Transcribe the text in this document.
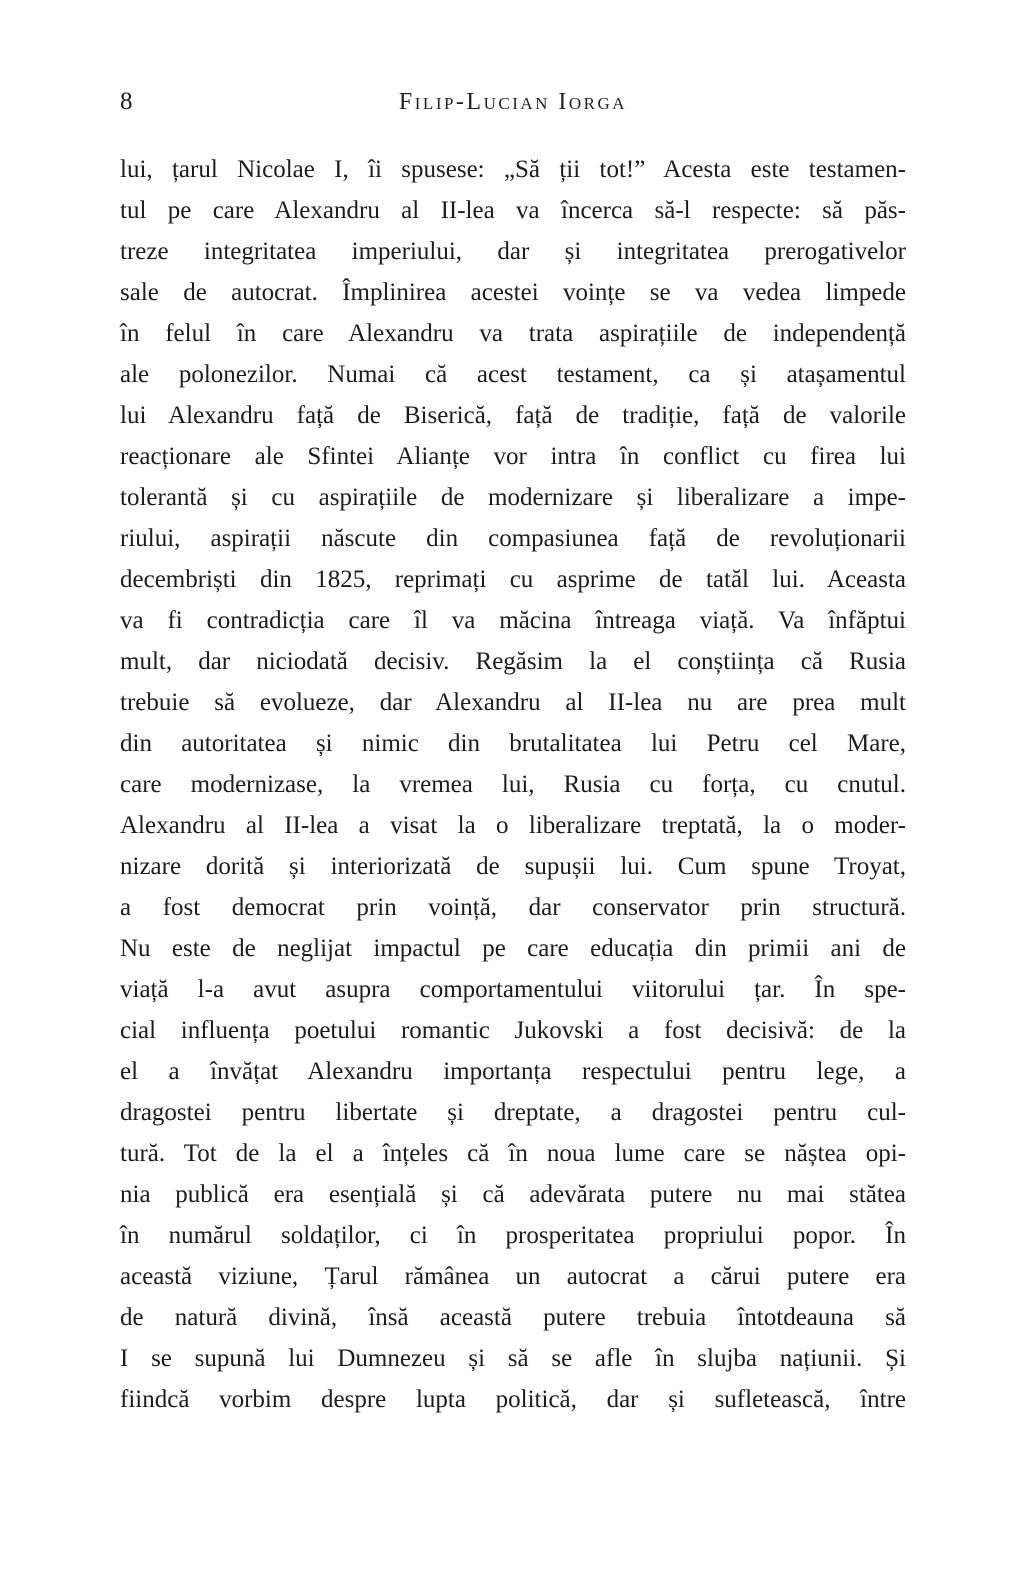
8	Filip-Lucian Iorga
lui, țarul Nicolae I, îi spusese: „Să ții tot!” Acesta este testamen-
tul pe care Alexandru al II-lea va încerca să-l respecte: să păs-
treze integritatea imperiului, dar și integritatea prerogativelor
sale de autocrat. Împlinirea acestei voințe se va vedea limpede
în felul în care Alexandru va trata aspirațiile de independență
ale polonezilor. Numai că acest testament, ca și atașamentul
lui Alexandru față de Biserică, față de tradiție, față de valorile
reacționare ale Sfintei Alianțe vor intra în conflict cu firea lui
tolerantă și cu aspirațiile de modernizare și liberalizare a impe-
riului, aspirații născute din compasiunea față de revoluționarii
decembriști din 1825, reprimați cu asprime de tatăl lui. Aceasta
va fi contradicția care îl va măcina întreaga viață. Va înfăptui
mult, dar niciodată decisiv. Regăsim la el conștiința că Rusia
trebuie să evolueze, dar Alexandru al II-lea nu are prea mult
din autoritatea și nimic din brutalitatea lui Petru cel Mare,
care modernizase, la vremea lui, Rusia cu forța, cu cnutul.
Alexandru al II-lea a visat la o liberalizare treptată, la o moder-
nizare dorită și interiorizată de supușii lui. Cum spune Troyat,
a fost democrat prin voință, dar conservator prin structură.
Nu este de neglijat impactul pe care educația din primii ani de
viață l-a avut asupra comportamentului viitorului țar. În spe-
cial influența poetului romantic Jukovski a fost decisivă: de la
el a învățat Alexandru importanța respectului pentru lege, a
dragostei pentru libertate și dreptate, a dragostei pentru cul-
tură. Tot de la el a înțeles că în noua lume care se năștea opi-
nia publică era esențială și că adevărata putere nu mai stătea
în numărul soldaților, ci în prosperitatea propriului popor. În
această viziune, Țarul rămânea un autocrat a cărui putere era
de natură divină, însă această putere trebuia întotdeauna să
I se supună lui Dumnezeu și să se afle în slujba națiunii. Și
fiindcă vorbim despre lupta politică, dar și sufletească, între
